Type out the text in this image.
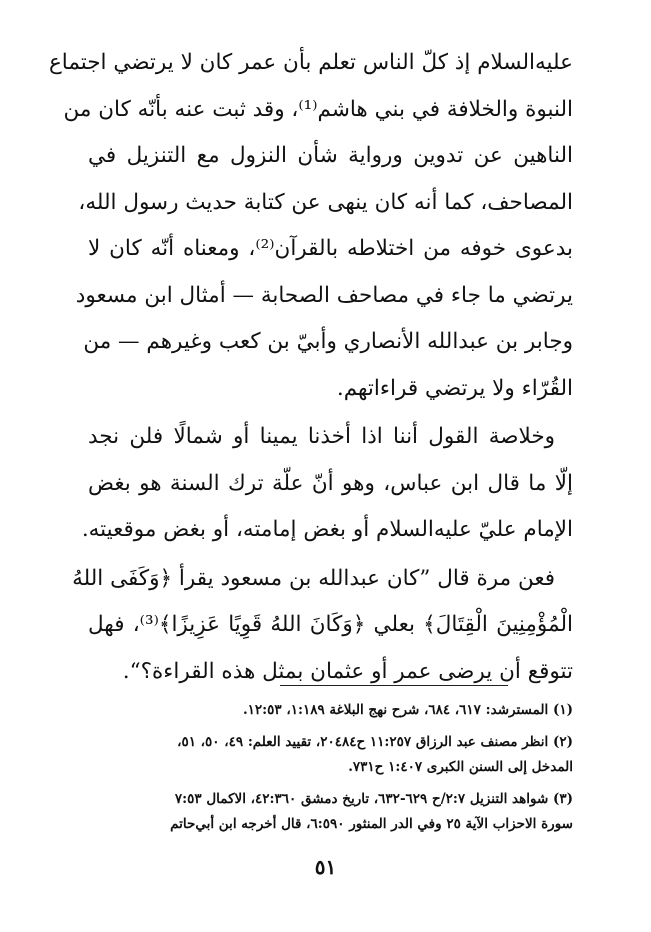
عليه‌السلام إذ كلّ الناس تعلم بأن عمر كان لا يرتضي اجتماع
النبوة والخلافة في بني هاشم⁽¹⁾، وقد ثبت عنه بأنّه كان من
الناهين عن تدوين ورواية شأن النزول مع التنزيل في
المصاحف، كما أنه كان ينهى عن كتابة حديث رسول الله،
بدعوى خوفه من اختلاطه بالقرآن⁽²⁾، ومعناه أنّه كان لا
يرتضي ما جاء في مصاحف الصحابة — أمثال ابن مسعود
وجابر بن عبدالله الأنصاري وأبيّ بن كعب وغيرهم — من
القُرّاء ولا يرتضي قراءاتهم.
وخلاصة القول أننا اذا أخذنا يمينا أو شمالًا فلن نجد
إلّا ما قال ابن عباس، وهو أنّ علّة ترك السنة هو بغض
الإمام عليّ عليه‌السلام أو بغض إمامته، أو بغض موقعيته.
فعن مرة قال ”كان عبدالله بن مسعود يقرأ ﴿وَكَفَى اللهُ
الْمُؤْمِنِينَ الْقِتَالَ﴾ بعلي ﴿وَكَانَ اللهُ قَوِيًا عَزِيزًا﴾⁽³⁾، فهل
تتوقع أن يرضى عمر أو عثمان بمثل هذه القراءة؟“.
(١) المسترشد: ٦١٧، ٦٨٤، شرح نهج البلاغة ١:١٨٩، ١٢:٥٣.
(٢) انظر مصنف عبد الرزاق ١١:٢٥٧ ح٢٠٤٨٤، تقييد العلم: ٤٩، ٥٠، ٥١،
المدخل إلى السنن الكبرى ١:٤٠٧ ح٧٣١.
(٣) شواهد التنزيل ٢:٧/ح ٦٢٩-٦٣٢، تاريخ دمشق ٤٢:٣٦٠، الاكمال ٧:٥٣
سورة الاحزاب الآية ٢٥ وفي الدر المنثور ٦:٥٩٠، قال أخرجه ابن أبي‌حاتم
٥١
